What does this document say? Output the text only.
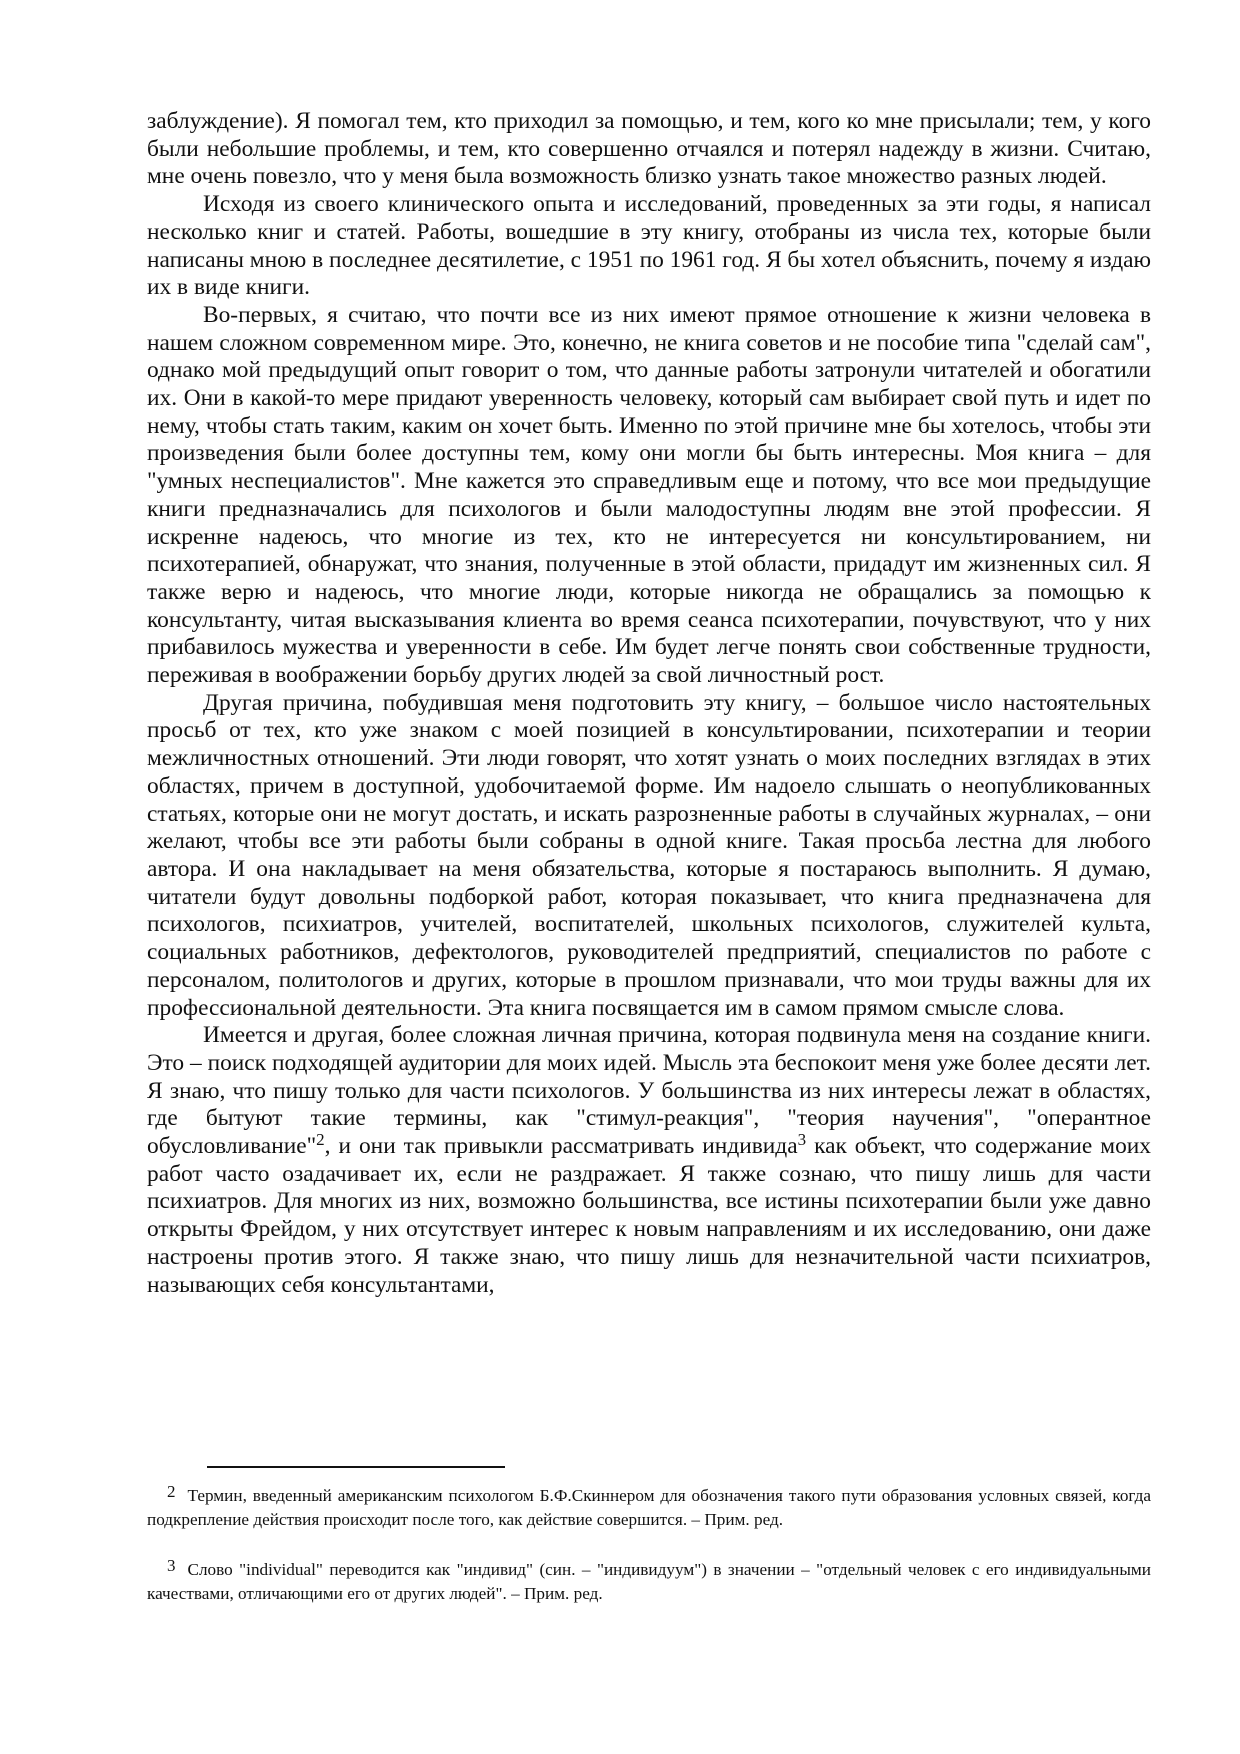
заблуждение). Я помогал тем, кто приходил за помощью, и тем, кого ко мне присылали; тем, у кого были небольшие проблемы, и тем, кто совершенно отчаялся и потерял надежду в жизни. Считаю, мне очень повезло, что у меня была возможность близко узнать такое множество разных людей.

Исходя из своего клинического опыта и исследований, проведенных за эти годы, я написал несколько книг и статей. Работы, вошедшие в эту книгу, отобраны из числа тех, которые были написаны мною в последнее десятилетие, с 1951 по 1961 год. Я бы хотел объяснить, почему я издаю их в виде книги.

Во-первых, я считаю, что почти все из них имеют прямое отношение к жизни человека в нашем сложном современном мире. Это, конечно, не книга советов и не пособие типа "сделай сам", однако мой предыдущий опыт говорит о том, что данные работы затронули читателей и обогатили их. Они в какой-то мере придают уверенность человеку, который сам выбирает свой путь и идет по нему, чтобы стать таким, каким он хочет быть. Именно по этой причине мне бы хотелось, чтобы эти произведения были более доступны тем, кому они могли бы быть интересны. Моя книга – для "умных неспециалистов". Мне кажется это справедливым еще и потому, что все мои предыдущие книги предназначались для психологов и были малодоступны людям вне этой профессии. Я искренне надеюсь, что многие из тех, кто не интересуется ни консультированием, ни психотерапией, обнаружат, что знания, полученные в этой области, придадут им жизненных сил. Я также верю и надеюсь, что многие люди, которые никогда не обращались за помощью к консультанту, читая высказывания клиента во время сеанса психотерапии, почувствуют, что у них прибавилось мужества и уверенности в себе. Им будет легче понять свои собственные трудности, переживая в воображении борьбу других людей за свой личностный рост.

Другая причина, побудившая меня подготовить эту книгу, – большое число настоятельных просьб от тех, кто уже знаком с моей позицией в консультировании, психотерапии и теории межличностных отношений. Эти люди говорят, что хотят узнать о моих последних взглядах в этих областях, причем в доступной, удобочитаемой форме. Им надоело слышать о неопубликованных статьях, которые они не могут достать, и искать разрозненные работы в случайных журналах, – они желают, чтобы все эти работы были собраны в одной книге. Такая просьба лестна для любого автора. И она накладывает на меня обязательства, которые я постараюсь выполнить. Я думаю, читатели будут довольны подборкой работ, которая показывает, что книга предназначена для психологов, психиатров, учителей, воспитателей, школьных психологов, служителей культа, социальных работников, дефектологов, руководителей предприятий, специалистов по работе с персоналом, политологов и других, которые в прошлом признавали, что мои труды важны для их профессиональной деятельности. Эта книга посвящается им в самом прямом смысле слова.

Имеется и другая, более сложная личная причина, которая подвинула меня на создание книги. Это – поиск подходящей аудитории для моих идей. Мысль эта беспокоит меня уже более десяти лет. Я знаю, что пишу только для части психологов. У большинства из них интересы лежат в областях, где бытуют такие термины, как "стимул-реакция", "теория научения", "оперантное обусловливание"$^2$, и они так привыкли рассматривать индивида$^3$ как объект, что содержание моих работ часто озадачивает их, если не раздражает. Я также сознаю, что пишу лишь для части психиатров. Для многих из них, возможно большинства, все истины психотерапии были уже давно открыты Фрейдом, у них отсутствует интерес к новым направлениям и их исследованию, они даже настроены против этого. Я также знаю, что пишу лишь для незначительной части психиатров, называющих себя консультантами,

2 Термин, введенный американским психологом Б.Ф.Скиннером для обозначения такого пути образования условных связей, когда подкрепление действия происходит после того, как действие совершится. – Прим. ред.

3 Слово "individual" переводится как "индивид" (син. – "индивидуум") в значении – "отдельный человек с его индивидуальными качествами, отличающими его от других людей". – Прим. ред.
